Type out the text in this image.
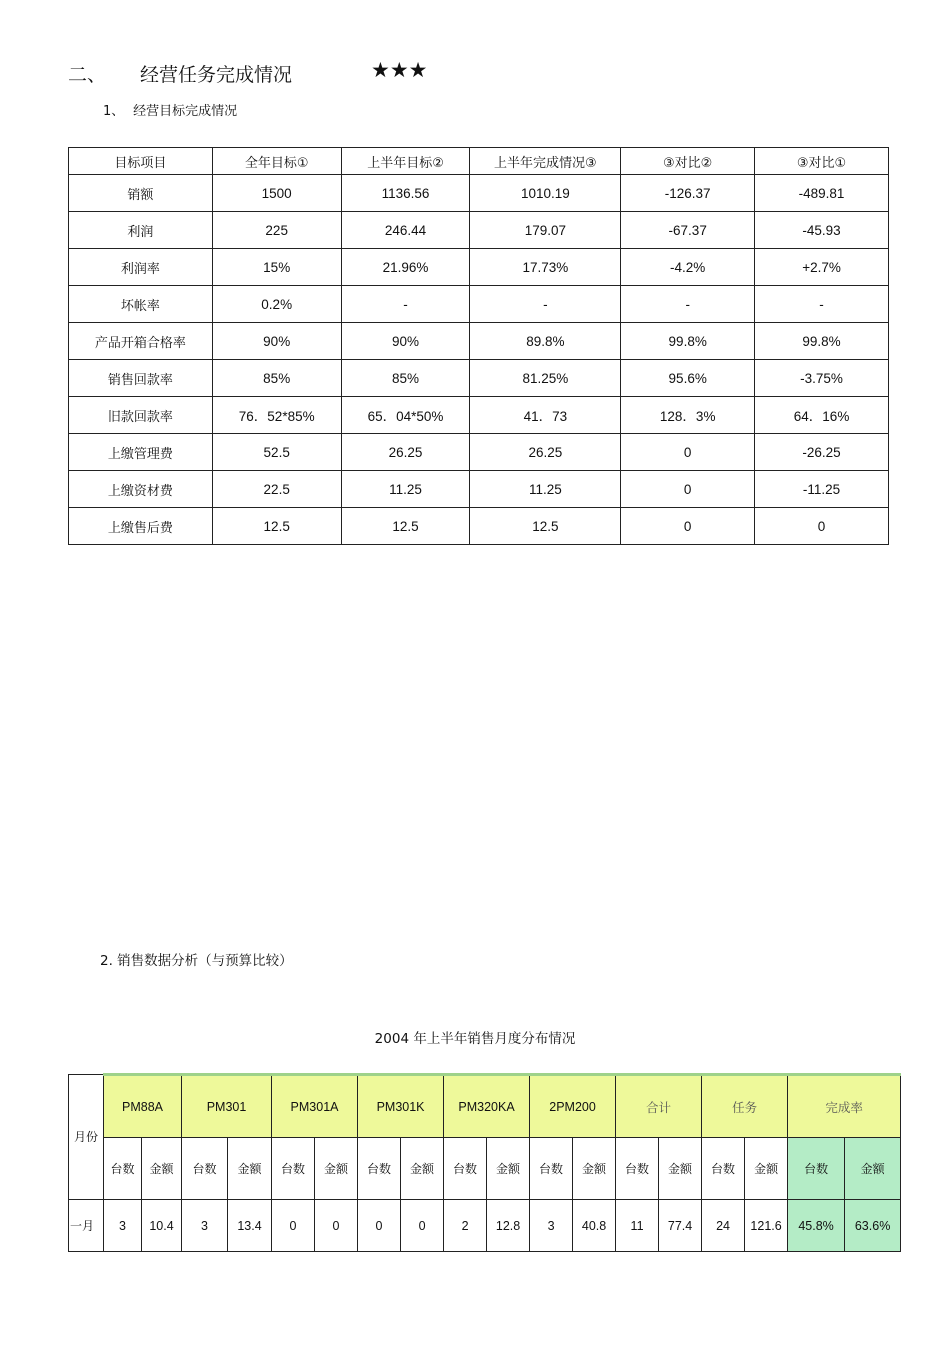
二、 经营任务完成情况	★★★
1、 经营目标完成情况
目标项目	全年目标①	上半年目标②	上半年完成情况③	③对比②	③对比①
销额	1500	1136.56	1010.19	-126.37	-489.81
利润	225	246.44	179.07	-67.37	-45.93
利润率	15%	21.96%	17.73%	-4.2%	+2.7%
坏帐率	0.2%	-	-	-	-
产品开箱合格率	90%	90%	89.8%	99.8%	99.8%
销售回款率	85%	85%	81.25%	95.6%	-3.75%
旧款回款率	76．52*85%	65．04*50%	41．73	128．3%	64．16%
上缴管理费	52.5	26.25	26.25	0	-26.25
上缴资材费	22.5	11.25	11.25	0	-11.25
上缴售后费	12.5	12.5	12.5	0	0
2. 销售数据分析（与预算比较）
2004 年上半年销售月度分布情况
月份	PM88A		PM301		PM301A		PM301K		PM320KA		2PM200		合计		任务		完成率	
	台数	金额	台数	金额	台数	金额	台数	金额	台数	金额	台数	金额	台数	金额	台数	金额	台数	金额
一月	3	10.4	3	13.4	0	0	0	0	2	12.8	3	40.8	11	77.4	24	121.6	45.8%	63.6%
